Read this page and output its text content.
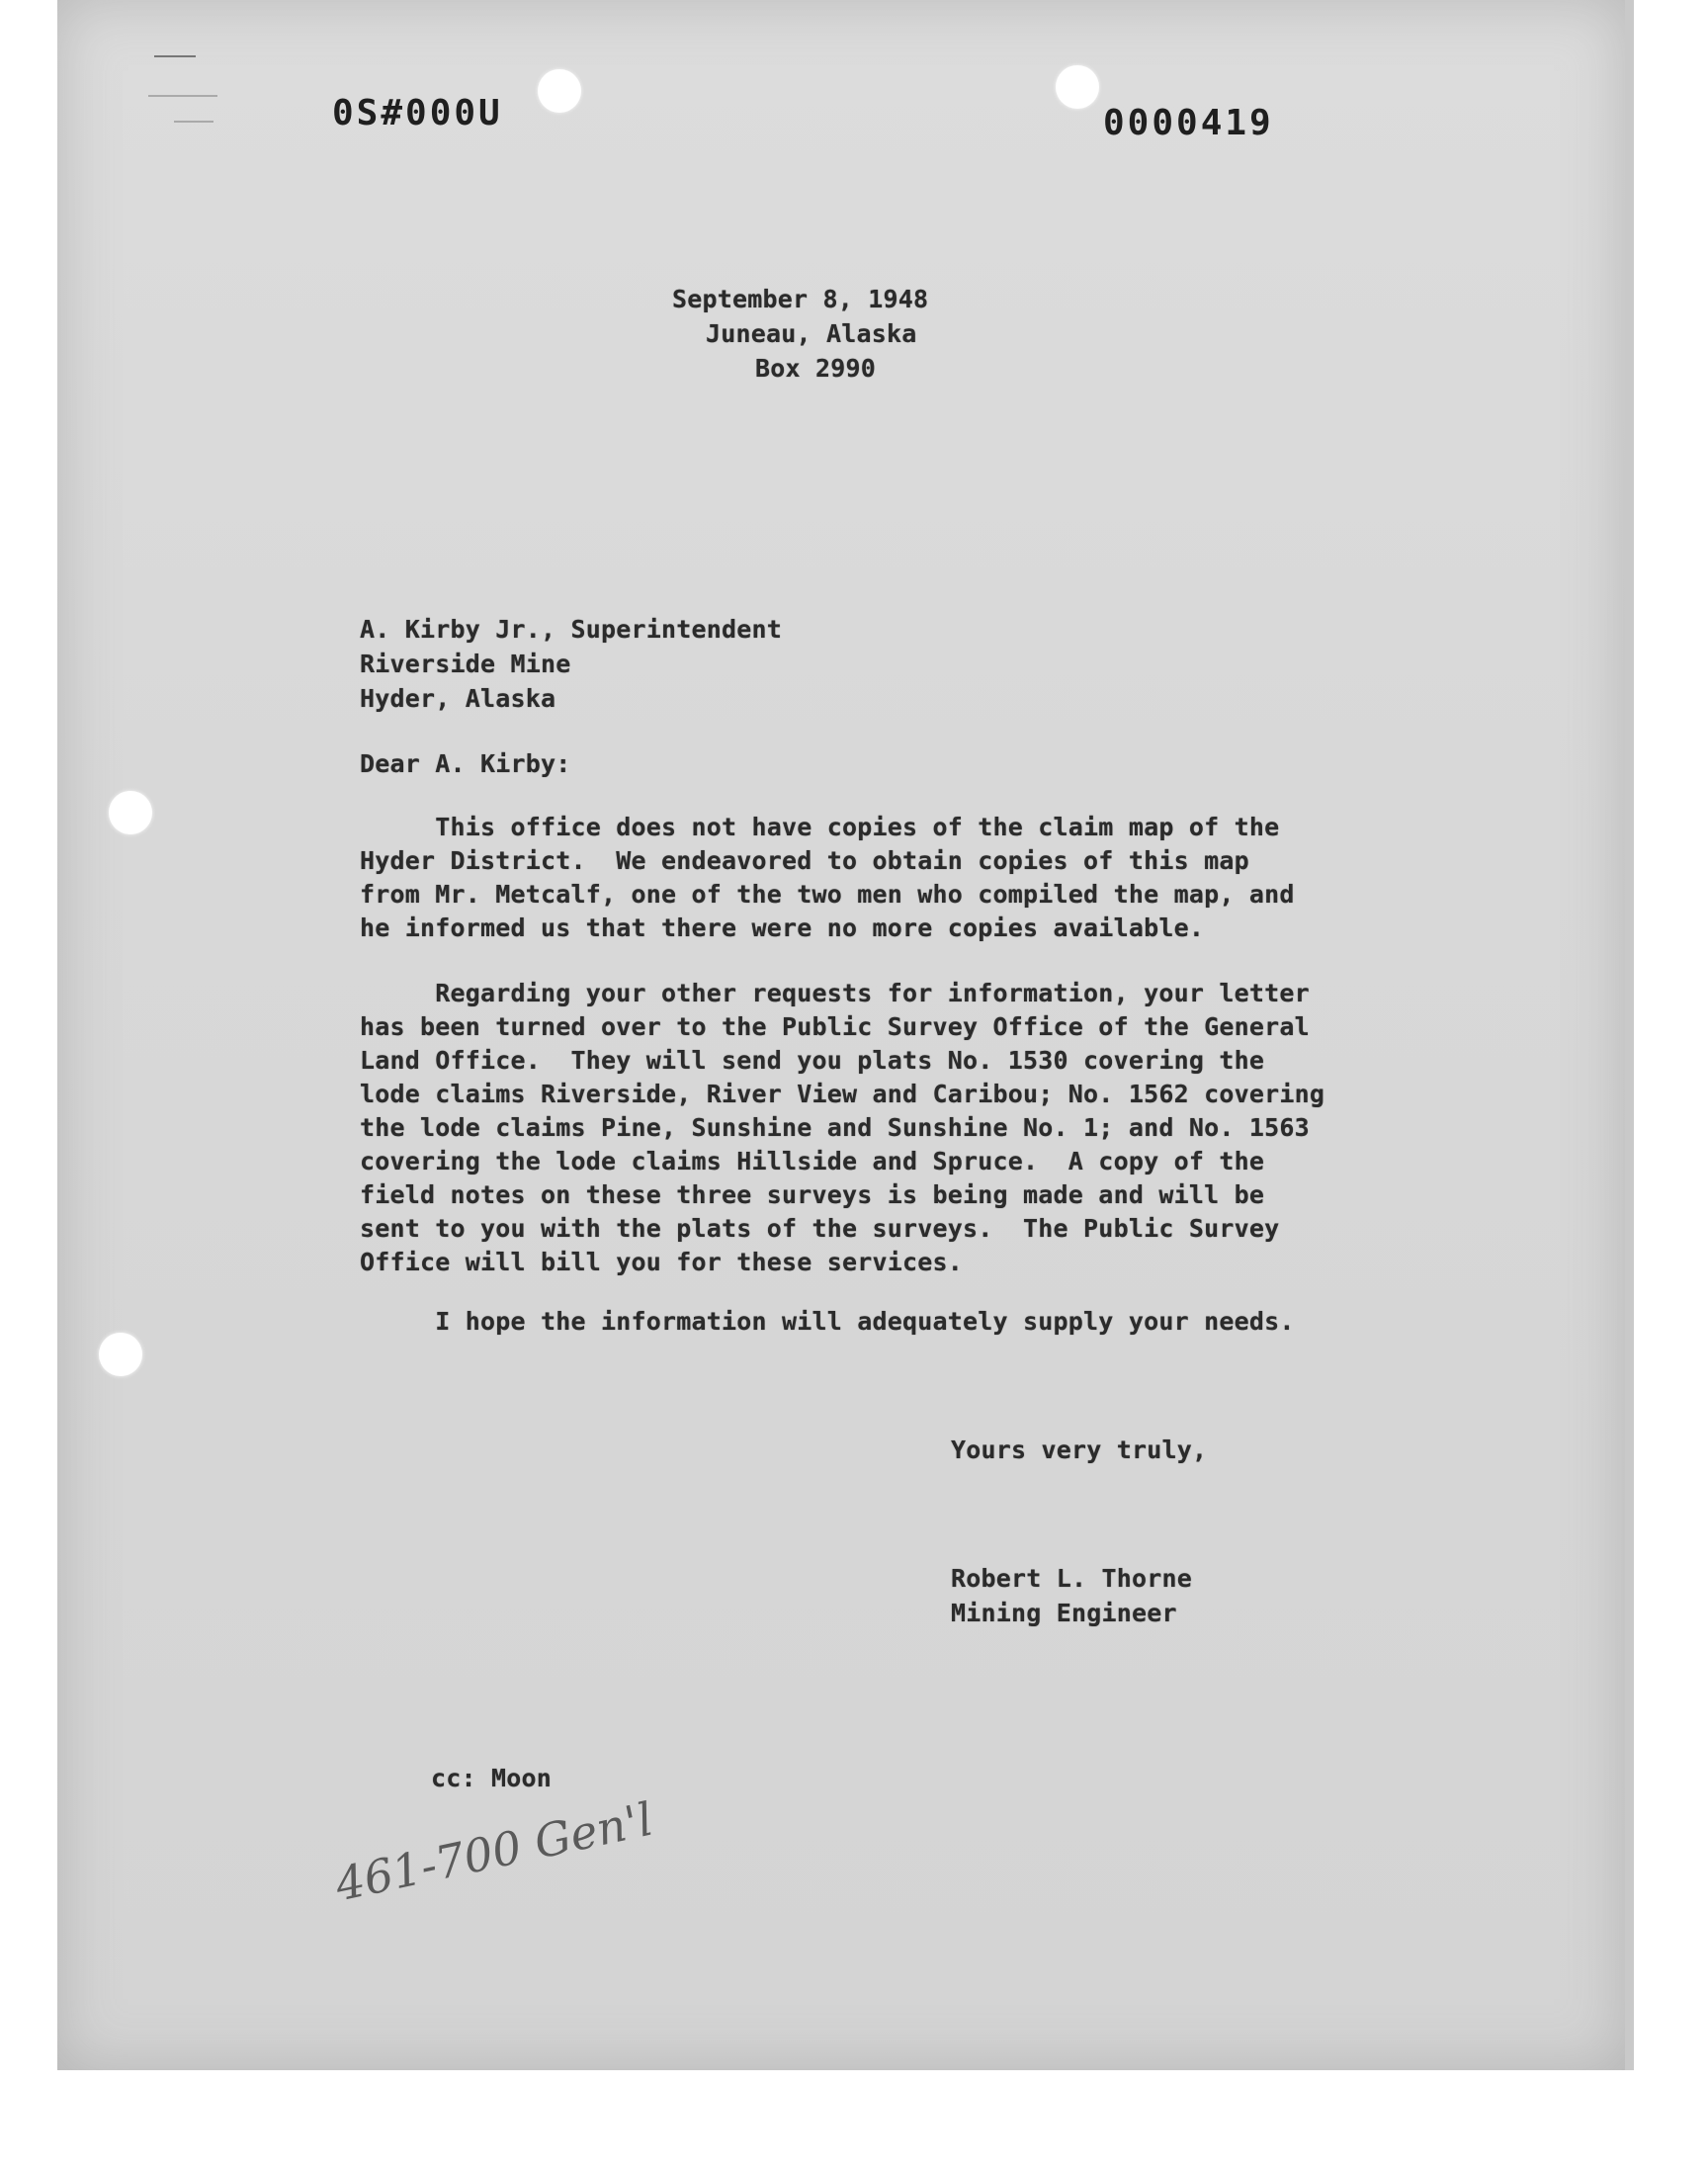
0S#000U	0000419
September 8, 1948
Juneau, Alaska
Box 2990
A. Kirby Jr., Superintendent
Riverside Mine
Hyder, Alaska
Dear A. Kirby:
This office does not have copies of the claim map of the
Hyder District.  We endeavored to obtain copies of this map
from Mr. Metcalf, one of the two men who compiled the map, and
he informed us that there were no more copies available.
Regarding your other requests for information, your letter
has been turned over to the Public Survey Office of the General
Land Office.  They will send you plats No. 1530 covering the
lode claims Riverside, River View and Caribou; No. 1562 covering
the lode claims Pine, Sunshine and Sunshine No. 1; and No. 1563
covering the lode claims Hillside and Spruce.  A copy of the
field notes on these three surveys is being made and will be
sent to you with the plats of the surveys.  The Public Survey
Office will bill you for these services.
I hope the information will adequately supply your needs.
Yours very truly,
Robert L. Thorne
Mining Engineer
cc: Moon
461-700 Gen'l
